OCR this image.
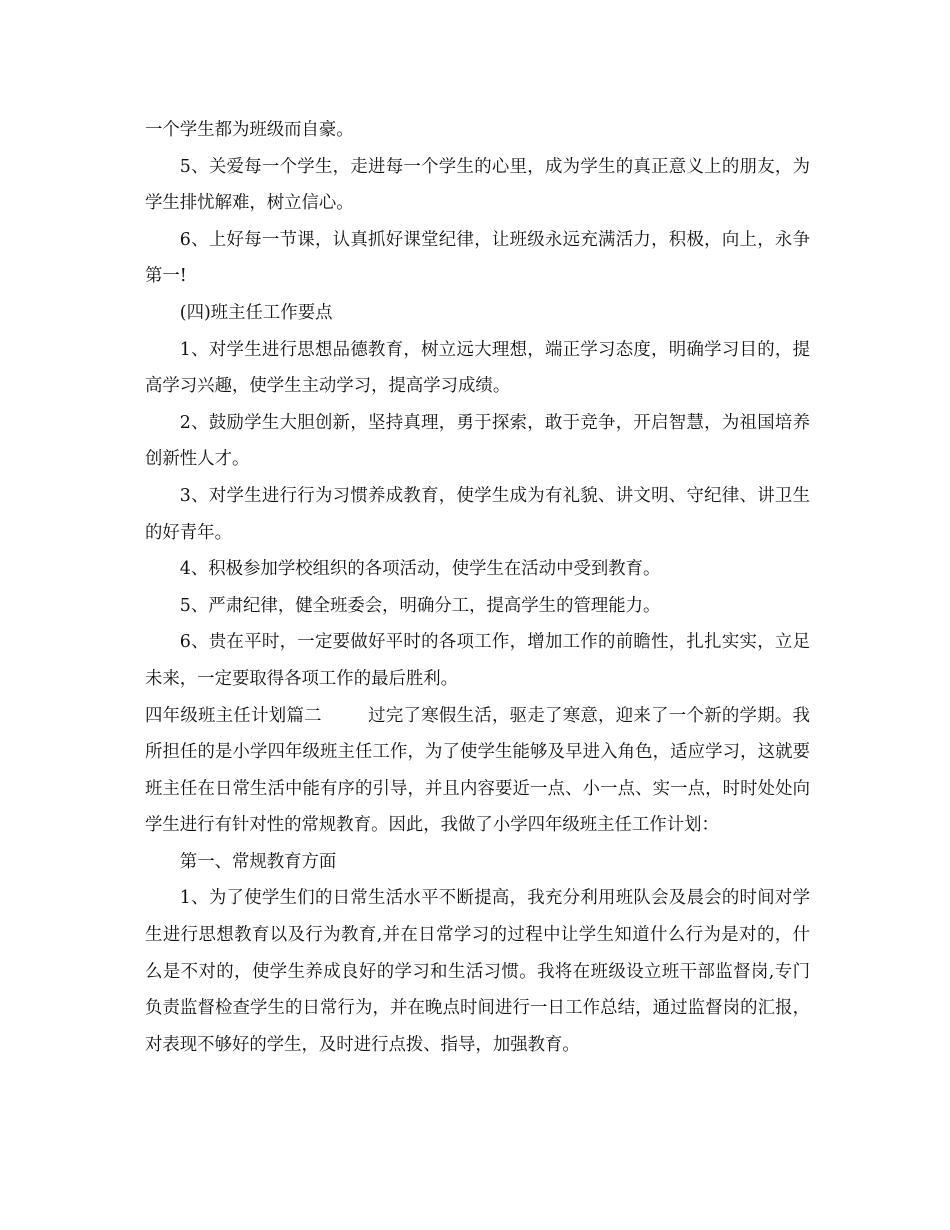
一个学生都为班级而自豪。

5、关爱每一个学生，走进每一个学生的心里，成为学生的真正意义上的朋友，为学生排忧解难，树立信心。

6、上好每一节课，认真抓好课堂纪律，让班级永远充满活力，积极，向上，永争第一!

(四)班主任工作要点

1、对学生进行思想品德教育，树立远大理想，端正学习态度，明确学习目的，提高学习兴趣，使学生主动学习，提高学习成绩。

2、鼓励学生大胆创新，坚持真理，勇于探索，敢于竞争，开启智慧，为祖国培养创新性人才。

3、对学生进行行为习惯养成教育，使学生成为有礼貌、讲文明、守纪律、讲卫生的好青年。

4、积极参加学校组织的各项活动，使学生在活动中受到教育。

5、严肃纪律，健全班委会，明确分工，提高学生的管理能力。

6、贵在平时，一定要做好平时的各项工作，增加工作的前瞻性，扎扎实实，立足未来，一定要取得各项工作的最后胜利。

四年级班主任计划篇二	过完了寒假生活，驱走了寒意，迎来了一个新的学期。我所担任的是小学四年级班主任工作，为了使学生能够及早进入角色，适应学习，这就要班主任在日常生活中能有序的引导，并且内容要近一点、小一点、实一点，时时处处向学生进行有针对性的常规教育。因此，我做了小学四年级班主任工作计划：

第一、常规教育方面

1、为了使学生们的日常生活水平不断提高，我充分利用班队会及晨会的时间对学生进行思想教育以及行为教育,并在日常学习的过程中让学生知道什么行为是对的，什么是不对的，使学生养成良好的学习和生活习惯。我将在班级设立班干部监督岗,专门负责监督检查学生的日常行为，并在晚点时间进行一日工作总结，通过监督岗的汇报，对表现不够好的学生，及时进行点拨、指导，加强教育。
